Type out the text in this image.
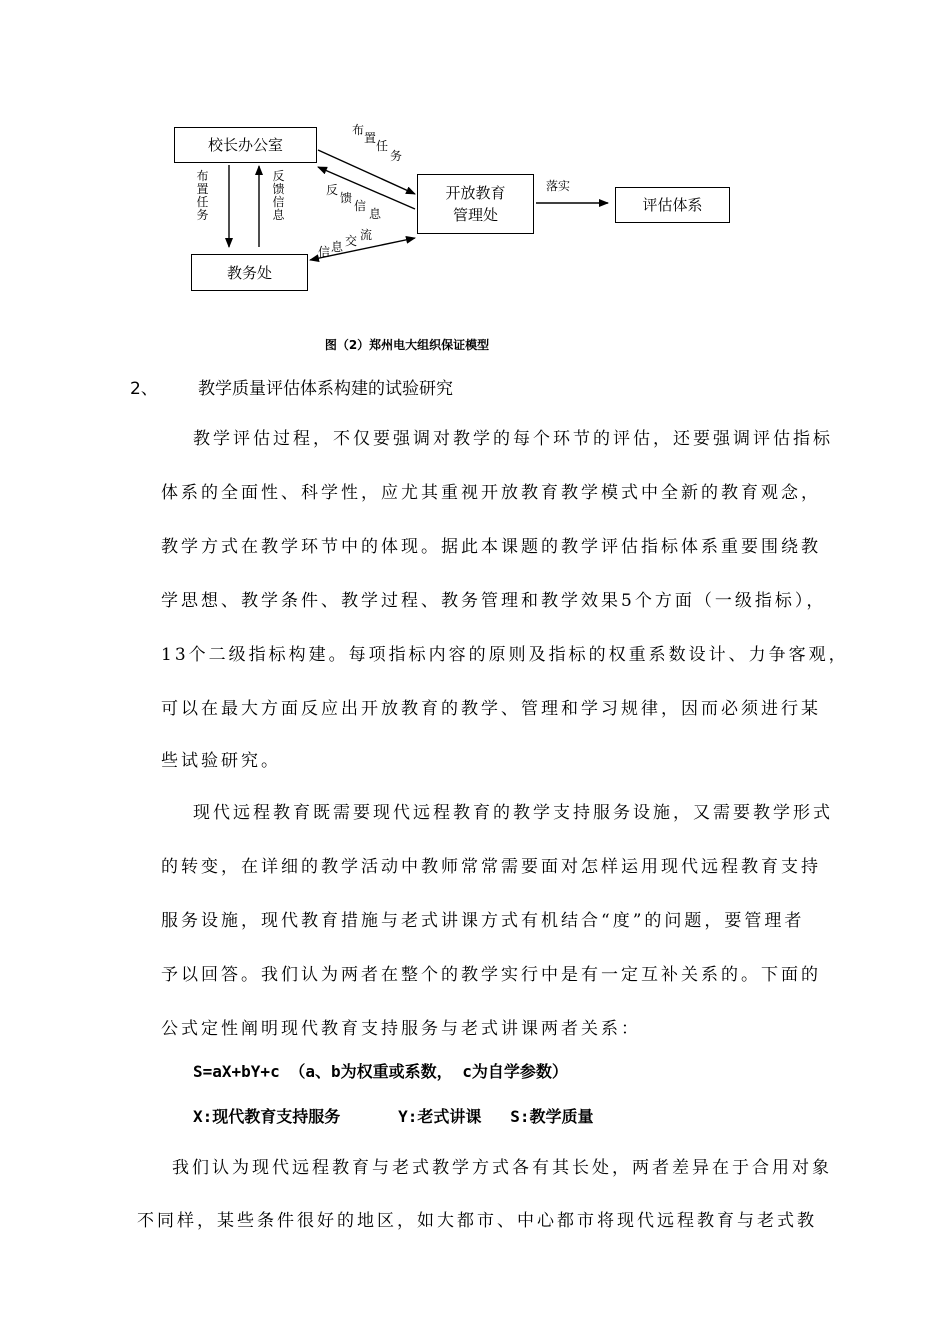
校长办公室
开放教育
管理处
教务处
评估体系
布
置
任
务
反
馈
信
息
布
置
任
务
反
馈
信
息
信 息 交 流
落实
图（2）郑州电大组织保证模型
2、 教学质量评估体系构建的试验研究
教学评估过程，不仅要强调对教学的每个环节的评估，还要强调评估指标
体系的全面性、科学性，应尤其重视开放教育教学模式中全新的教育观念，
教学方式在教学环节中的体现。据此本课题的教学评估指标体系重要围绕教
学思想、教学条件、教学过程、教务管理和教学效果5个方面（一级指标），
13个二级指标构建。每项指标内容的原则及指标的权重系数设计、力争客观，
可以在最大方面反应出开放教育的教学、管理和学习规律，因而必须进行某
些试验研究。
现代远程教育既需要现代远程教育的教学支持服务设施，又需要教学形式
的转变，在详细的教学活动中教师常常需要面对怎样运用现代远程教育支持
服务设施，现代教育措施与老式讲课方式有机结合“度”的问题，要管理者
予以回答。我们认为两者在整个的教学实行中是有一定互补关系的。下面的
公式定性阐明现代教育支持服务与老式讲课两者关系：
S=aX+bY+c （a、b为权重或系数， c为自学参数）
X:现代教育支持服务      Y:老式讲课   S:教学质量
我们认为现代远程教育与老式教学方式各有其长处，两者差异在于合用对象
不同样，某些条件很好的地区，如大都市、中心都市将现代远程教育与老式教
